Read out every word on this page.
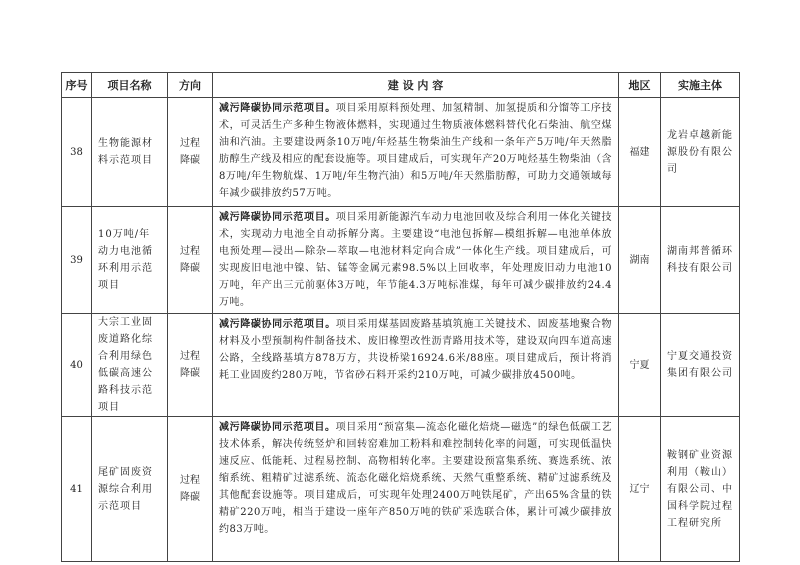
序号	项目名称	方向	建 设 内 容	地区	实施主体
38	生物能源材料示范项目	过程降碳	减污降碳协同示范项目。项目采用原料预处理、加氢精制、加氢提质和分馏等工序技术，可灵活生产多种生物液体燃料，实现通过生物质液体燃料替代化石柴油、航空煤油和汽油。主要建设两条10万吨/年烃基生物柴油生产线和一条年产5万吨/年天然脂肪醇生产线及相应的配套设施等。项目建成后，可实现年产20万吨烃基生物柴油（含8万吨/年生物航煤、1万吨/年生物汽油）和5万吨/年天然脂肪醇，可助力交通领域每年减少碳排放约57万吨。	福建	龙岩卓越新能源股份有限公司
39	10万吨/年动力电池循环利用示范项目	过程降碳	减污降碳协同示范项目。项目采用新能源汽车动力电池回收及综合利用一体化关键技术，实现动力电池全自动拆解分离。主要建设“电池包拆解—模组拆解—电池单体放电预处理—浸出—除杂—萃取—电池材料定向合成”一体化生产线。项目建成后，可实现废旧电池中镍、钴、锰等金属元素98.5%以上回收率，年处理废旧动力电池10万吨，年产出三元前驱体3万吨，年节能4.3万吨标准煤，每年可减少碳排放约24.4万吨。	湖南	湖南邦普循环科技有限公司
40	大宗工业固废道路化综合利用绿色低碳高速公路科技示范项目	过程降碳	减污降碳协同示范项目。项目采用煤基固废路基填筑施工关键技术、固废基地聚合物材料及小型预制构件制备技术、废旧橡塑改性沥青路用技术等，建设双向四车道高速公路，全线路基填方878万方，共设桥梁16924.6米/88座。项目建成后，预计将消耗工业固废约280万吨，节省砂石料开采约210万吨，可减少碳排放4500吨。	宁夏	宁夏交通投资集团有限公司
41	尾矿固废资源综合利用示范项目	过程降碳	减污降碳协同示范项目。项目采用“预富集—流态化磁化焙烧—磁选”的绿色低碳工艺技术体系，解决传统竖炉和回转窑难加工粉料和难控制转化率的问题，可实现低温快速反应、低能耗、过程易控制、高物相转化率。主要建设预富集系统、赛选系统、浓缩系统、粗精矿过滤系统、流态化磁化焙烧系统、天然气重整系统、精矿过滤系统及其他配套设施等。项目建成后，可实现年处理2400万吨铁尾矿，产出65%含量的铁精矿220万吨，相当于建设一座年产850万吨的铁矿采选联合体，累计可减少碳排放约83万吨。	辽宁	鞍钢矿业资源利用（鞍山）有限公司、中国科学院过程工程研究所
